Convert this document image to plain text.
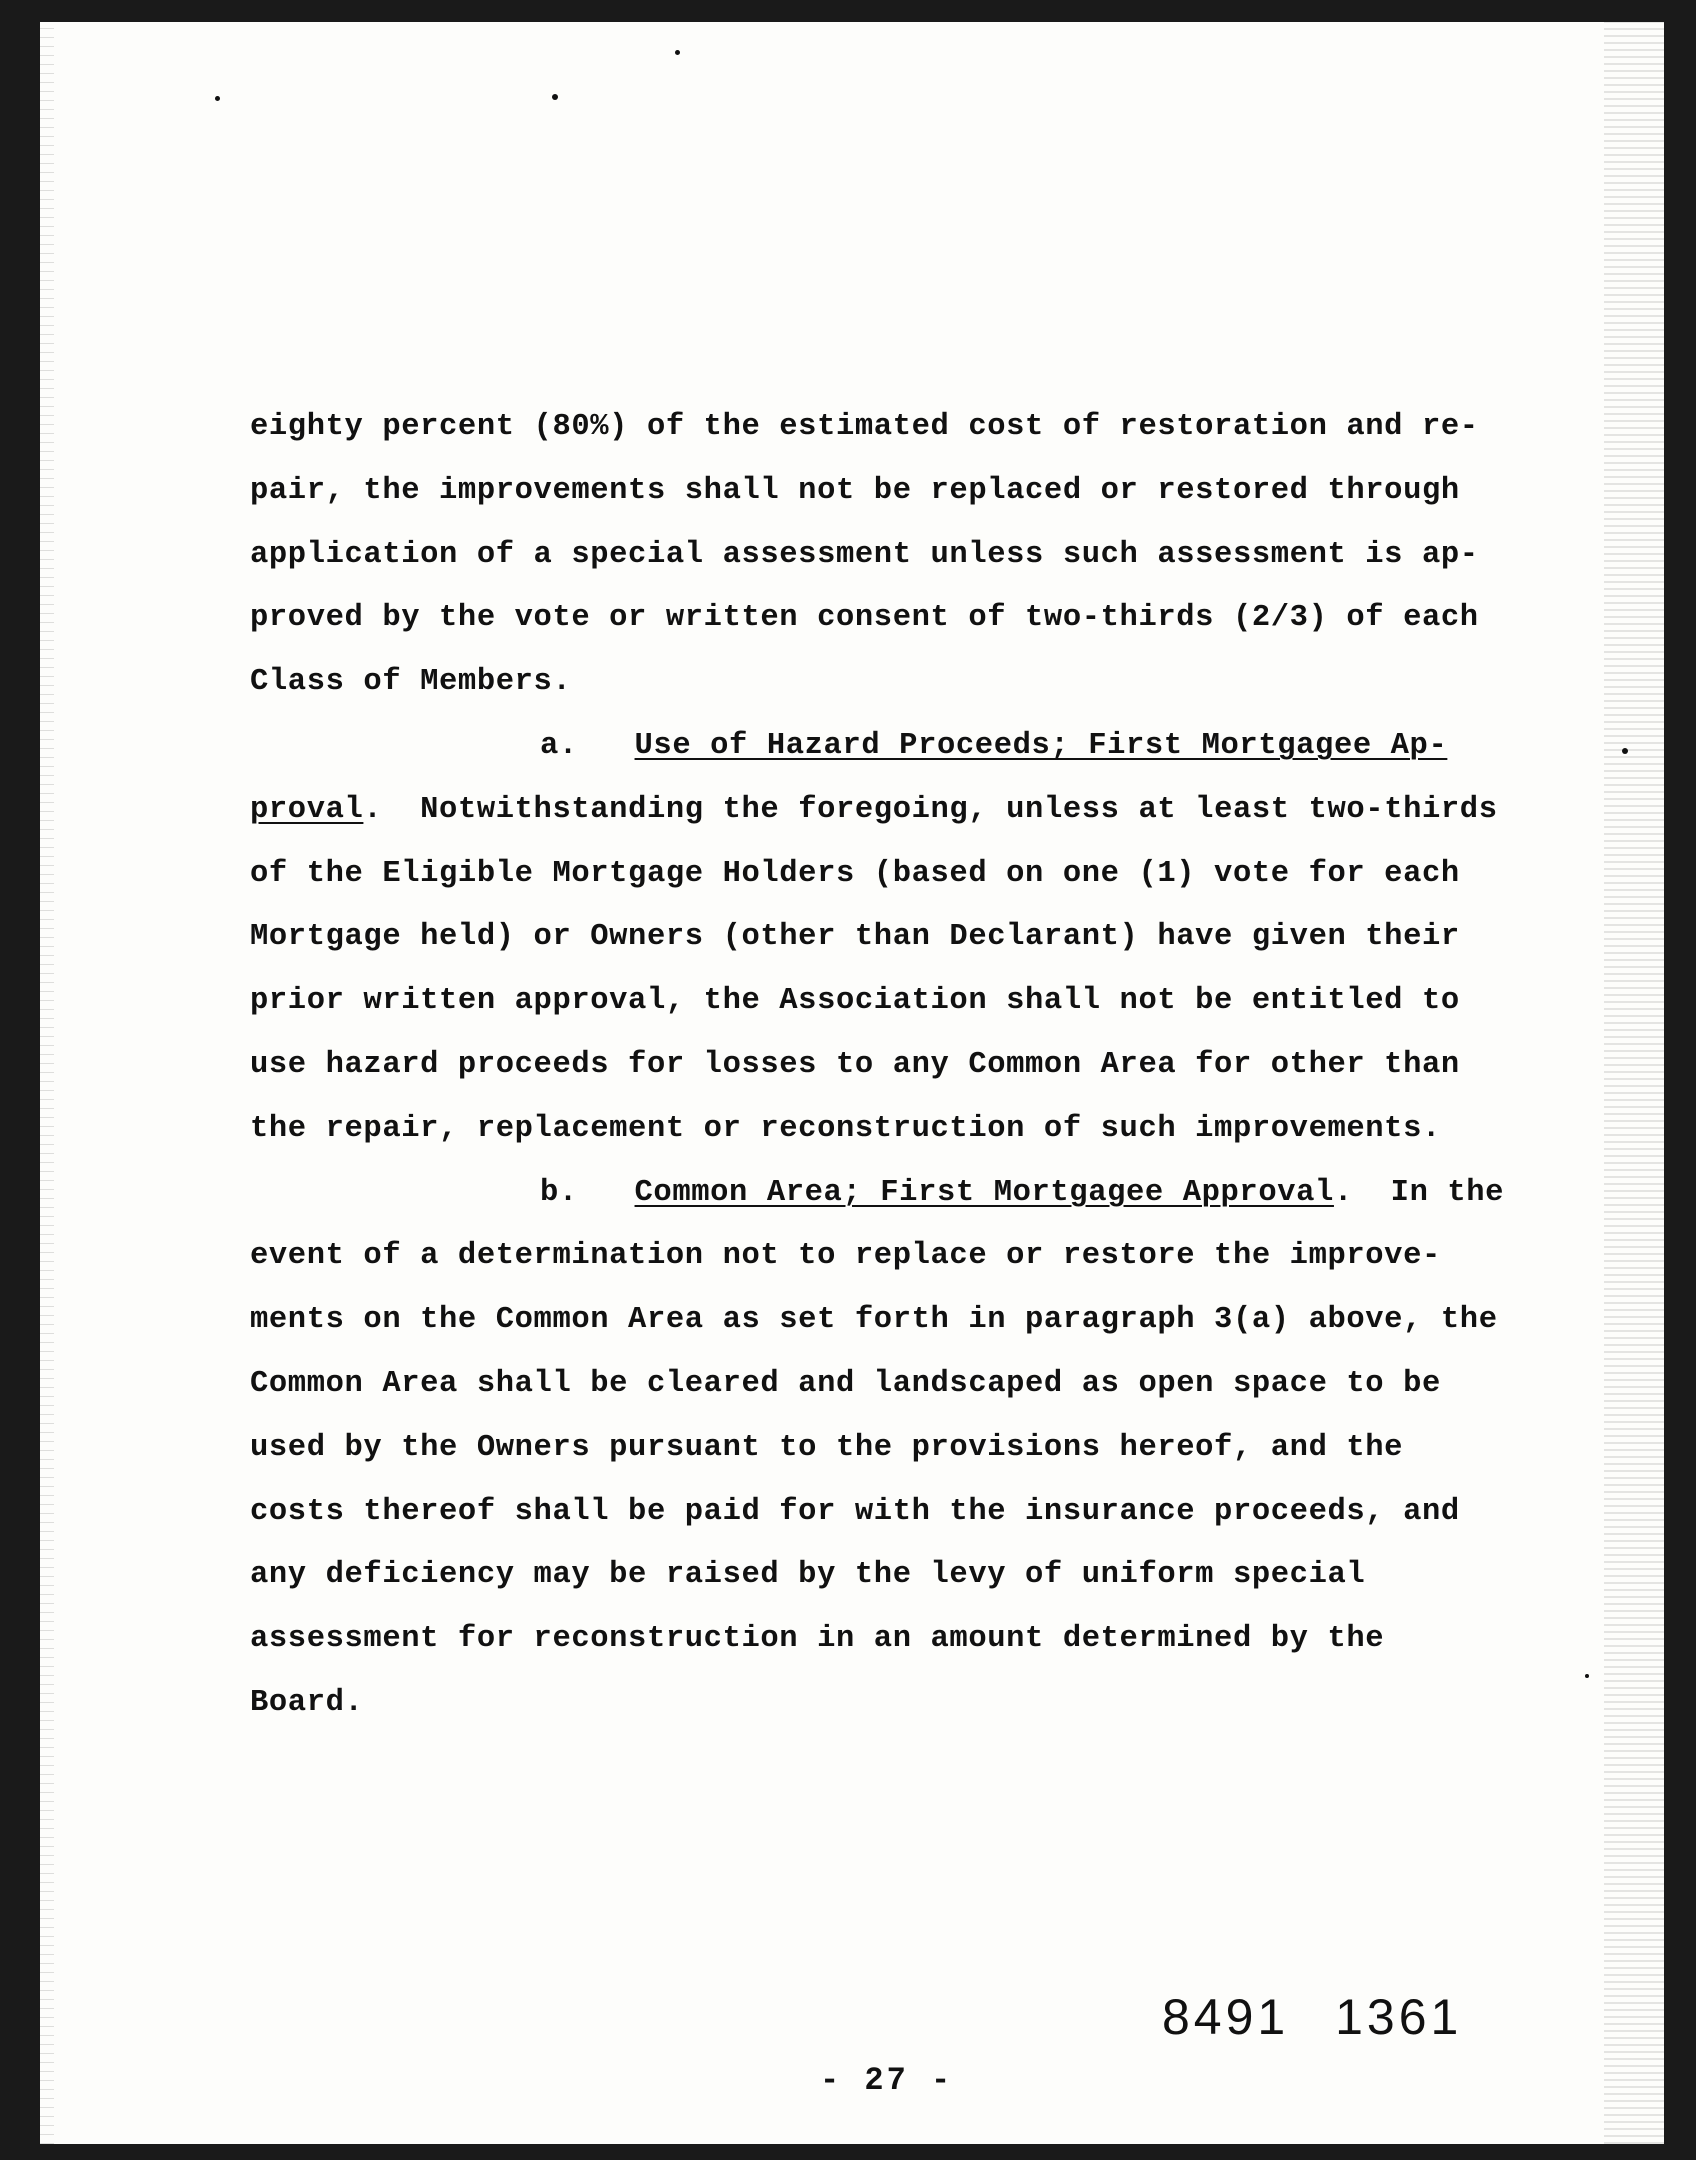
eighty percent (80%) of the estimated cost of restoration and re-
pair, the improvements shall not be replaced or restored through
application of a special assessment unless such assessment is ap-
proved by the vote or written consent of two-thirds (2/3) of each
Class of Members.
a. Use of Hazard Proceeds; First Mortgagee Ap-
proval.  Notwithstanding the foregoing, unless at least two-thirds
of the Eligible Mortgage Holders (based on one (1) vote for each
Mortgage held) or Owners (other than Declarant) have given their
prior written approval, the Association shall not be entitled to
use hazard proceeds for losses to any Common Area for other than
the repair, replacement or reconstruction of such improvements.
b. Common Area; First Mortgagee Approval.  In the
event of a determination not to replace or restore the improve-
ments on the Common Area as set forth in paragraph 3(a) above, the
Common Area shall be cleared and landscaped as open space to be
used by the Owners pursuant to the provisions hereof, and the
costs thereof shall be paid for with the insurance proceeds, and
any deficiency may be raised by the levy of uniform special
assessment for reconstruction in an amount determined by the
Board.
8491 1361
- 27 -
